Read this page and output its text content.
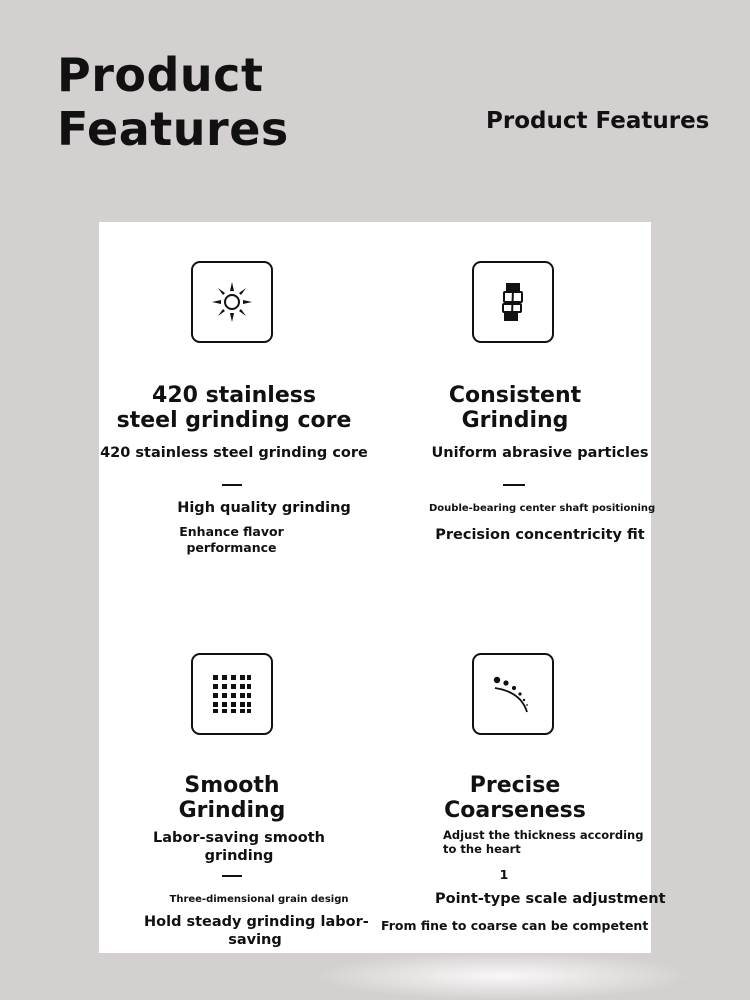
Product
Features	Product Features
420 stainless
steel grinding core
420 stainless steel grinding core
High quality grinding
Enhance flavor
performance
Consistent
Grinding
Uniform abrasive particles
Double-bearing center shaft positioning
Precision concentricity fit
Smooth
Grinding
Labor-saving smooth
grinding
Three-dimensional grain design
Hold steady grinding labor-
saving
Precise
Coarseness
Adjust the thickness according
to the heart
1
Point-type scale adjustment
From fine to coarse can be competent
